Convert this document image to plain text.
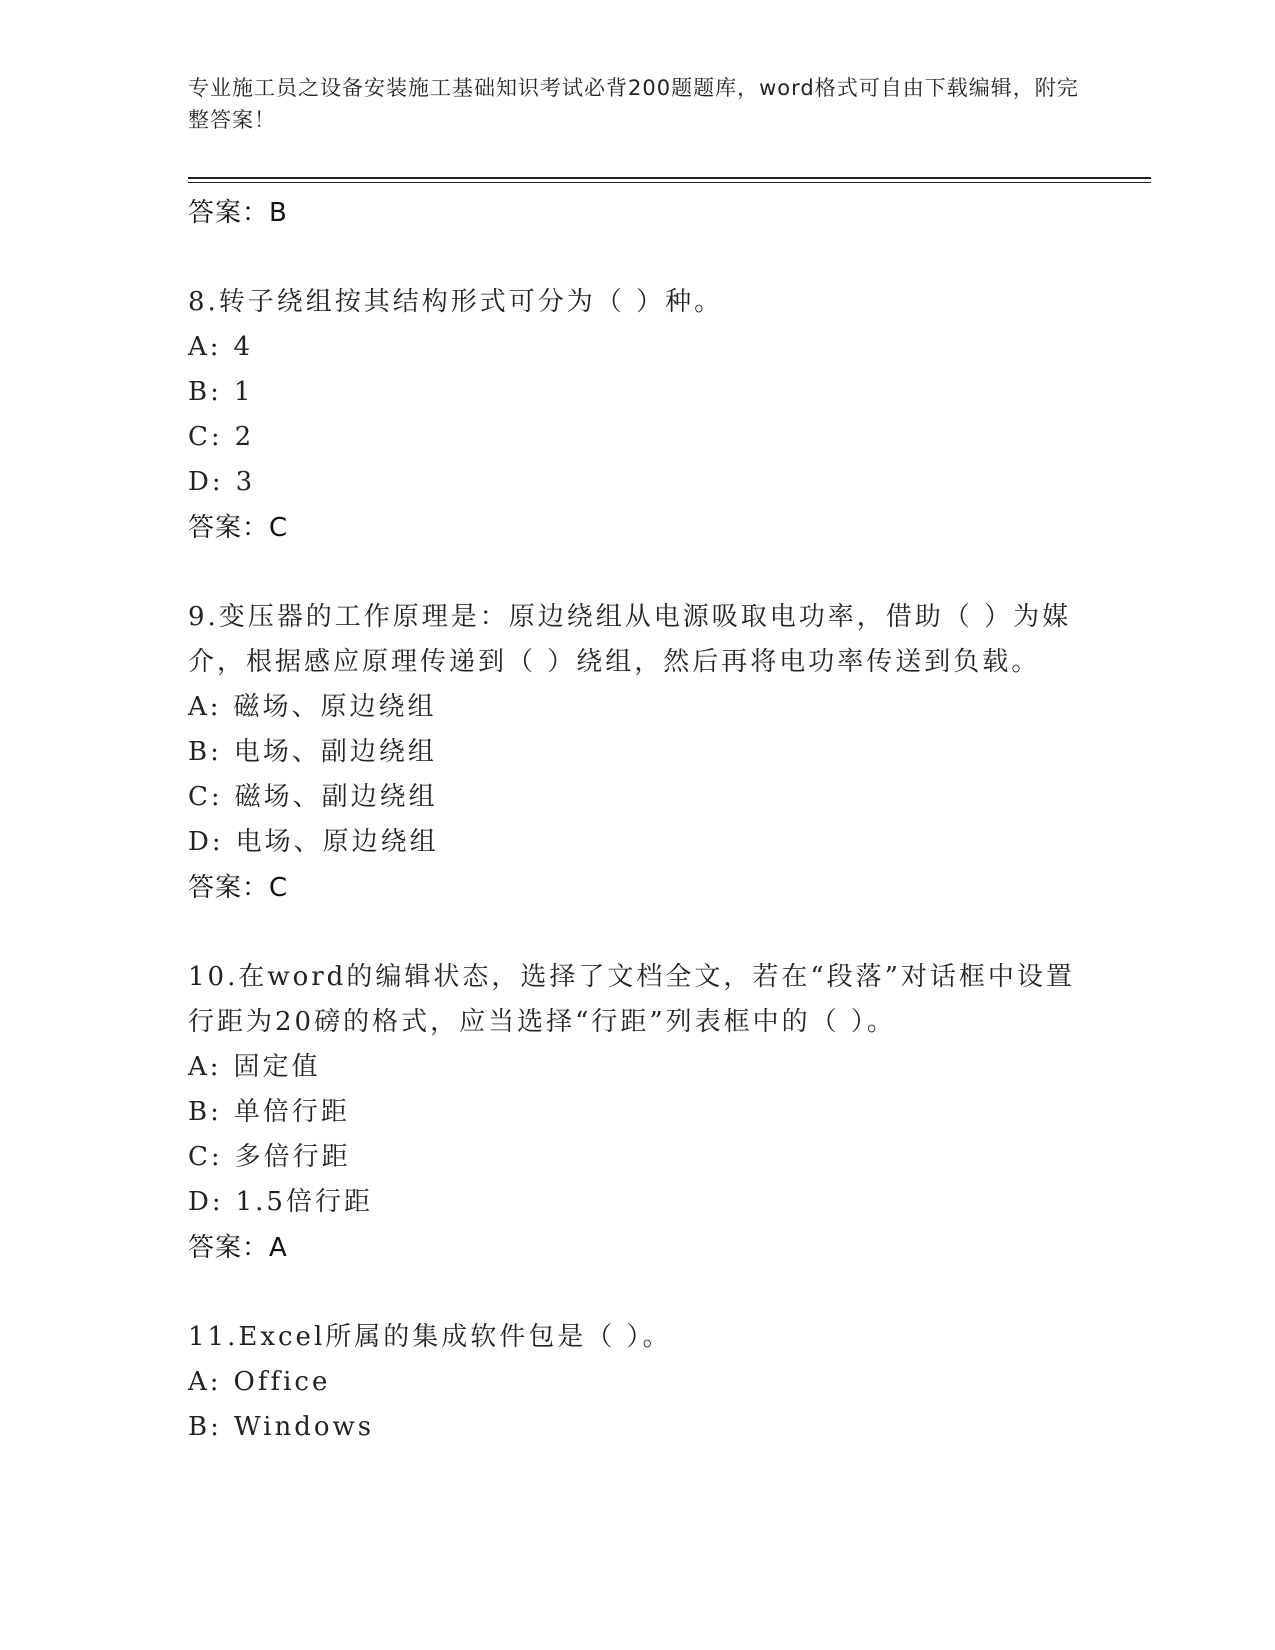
专业施工员之设备安装施工基础知识考试必背200题题库，word格式可自由下载编辑，附完整答案！
答案：B
8.转子绕组按其结构形式可分为（ ）种。
A: 4
B: 1
C: 2
D: 3
答案：C
9.变压器的工作原理是：原边绕组从电源吸取电功率，借助（ ）为媒介，根据感应原理传递到（ ）绕组，然后再将电功率传送到负载。
A: 磁场、原边绕组
B: 电场、副边绕组
C: 磁场、副边绕组
D: 电场、原边绕组
答案：C
10.在word的编辑状态，选择了文档全文，若在“段落”对话框中设置行距为20磅的格式，应当选择“行距”列表框中的（ ）。
A: 固定值
B: 单倍行距
C: 多倍行距
D: 1.5倍行距
答案：A
11.Excel所属的集成软件包是（ ）。
A: Office
B: Windows
